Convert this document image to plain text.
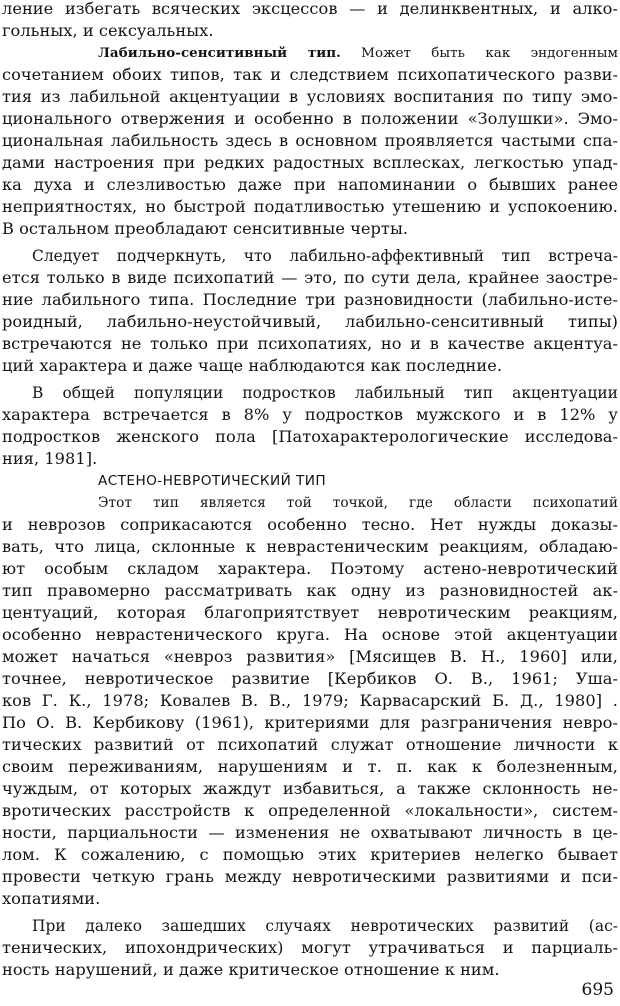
ление избегать всяческих эксцессов — и делинквентных, и алко-
гольных, и сексуальных.
Лабильно-сенситивный тип. Может быть как эндогенным
сочетанием обоих типов, так и следствием психопатического разви-
тия из лабильной акцентуации в условиях воспитания по типу эмо-
ционального отвержения и особенно в положении «Золушки». Эмо-
циональная лабильность здесь в основном проявляется частыми спа-
дами настроения при редких радостных всплесках, легкостью упад-
ка духа и слезливостью даже при напоминании о бывших ранее
неприятностях, но быстрой податливостью утешению и успокоению.
В остальном преобладают сенситивные черты.
Следует подчеркнуть, что лабильно-аффективный тип встреча-
ется только в виде психопатий — это, по сути дела, крайнее заостре-
ние лабильного типа. Последние три разновидности (лабильно-исте-
роидный, лабильно-неустойчивый, лабильно-сенситивный типы)
встречаются не только при психопатиях, но и в качестве акцентуа-
ций характера и даже чаще наблюдаются как последние.
В общей популяции подростков лабильный тип акцентуации
характера встречается в 8% у подростков мужского и в 12% у
подростков женского пола [Патохарактерологические исследова-
ния, 1981].
АСТЕНО-НЕВРОТИЧЕСКИЙ ТИП
Этот тип является той точкой, где области психопатий
и неврозов соприкасаются особенно тесно. Нет нужды доказы-
вать, что лица, склонные к неврастеническим реакциям, обладаю-
ют особым складом характера. Поэтому астено-невротический
тип правомерно рассматривать как одну из разновидностей ак-
центуаций, которая благоприятствует невротическим реакциям,
особенно неврастенического круга. На основе этой акцентуации
может начаться «невроз развития» [Мясищев В. Н., 1960] или,
точнее, невротическое развитие [Кербиков О. В., 1961; Уша-
ков Г. К., 1978; Ковалев В. В., 1979; Карвасарский Б. Д., 1980] .
По О. В. Кербикову (1961), критериями для разграничения невро-
тических развитий от психопатий служат отношение личности к
своим переживаниям, нарушениям и т. п. как к болезненным,
чуждым, от которых жаждут избавиться, а также склонность не-
вротических расстройств к определенной «локальности», систем-
ности, парциальности — изменения не охватывают личность в це-
лом. К сожалению, с помощью этих критериев нелегко бывает
провести четкую грань между невротическими развитиями и пси-
хопатиями.
При далеко зашедших случаях невротических развитий (ас-
тенических, ипохондрических) могут утрачиваться и парциаль-
ность нарушений, и даже критическое отношение к ним.
695
